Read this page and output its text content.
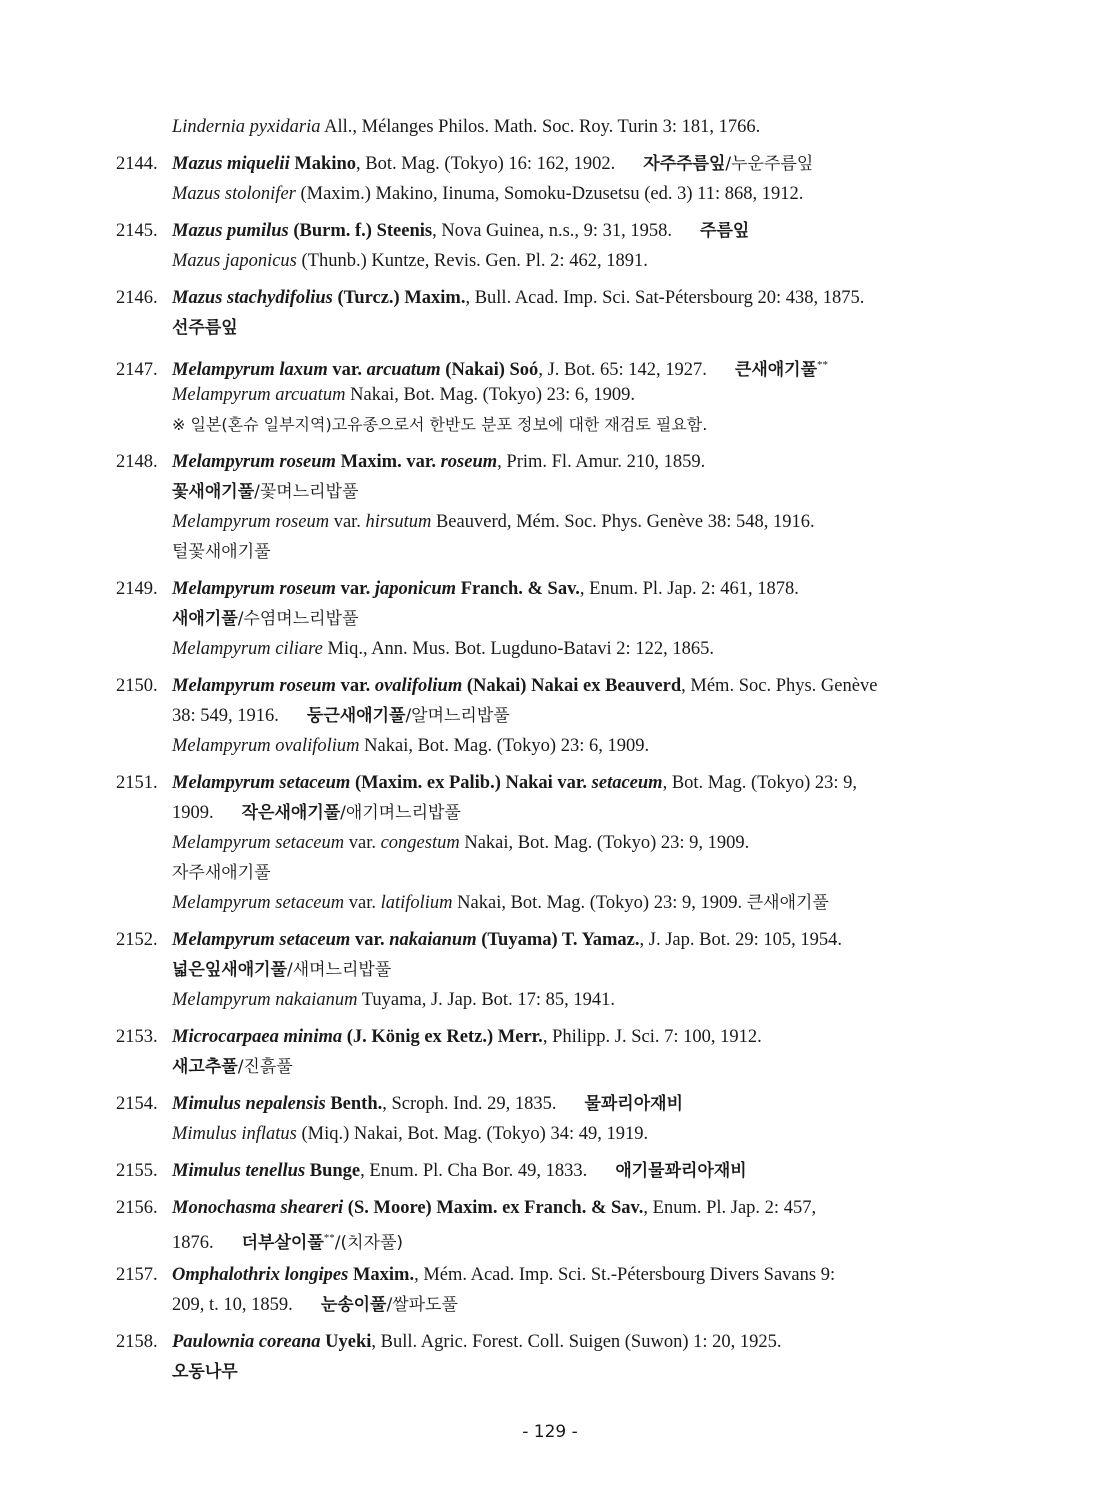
Lindernia pyxidaria All., Mélanges Philos. Math. Soc. Roy. Turin 3: 181, 1766.
2144. Mazus miquelii Makino, Bot. Mag. (Tokyo) 16: 162, 1902. 자주주름잎/누운주름잎
Mazus stolonifer (Maxim.) Makino, Iinuma, Somoku-Dzusetsu (ed. 3) 11: 868, 1912.
2145. Mazus pumilus (Burm. f.) Steenis, Nova Guinea, n.s., 9: 31, 1958. 주름잎
Mazus japonicus (Thunb.) Kuntze, Revis. Gen. Pl. 2: 462, 1891.
2146. Mazus stachydifolius (Turcz.) Maxim., Bull. Acad. Imp. Sci. Sat-Pétersbourg 20: 438, 1875.
선주름잎
2147. Melampyrum laxum var. arcuatum (Nakai) Soó, J. Bot. 65: 142, 1927. 큰새애기풀**
Melampyrum arcuatum Nakai, Bot. Mag. (Tokyo) 23: 6, 1909.
※ 일본(혼슈 일부지역)고유종으로서 한반도 분포 정보에 대한 재검토 필요함.
2148. Melampyrum roseum Maxim. var. roseum, Prim. Fl. Amur. 210, 1859.
꽃새애기풀/꽃며느리밥풀
Melampyrum roseum var. hirsutum Beauverd, Mém. Soc. Phys. Genève 38: 548, 1916.
털꽃새애기풀
2149. Melampyrum roseum var. japonicum Franch. & Sav., Enum. Pl. Jap. 2: 461, 1878.
새애기풀/수염며느리밥풀
Melampyrum ciliare Miq., Ann. Mus. Bot. Lugduno-Batavi 2: 122, 1865.
2150. Melampyrum roseum var. ovalifolium (Nakai) Nakai ex Beauverd, Mém. Soc. Phys. Genève
38: 549, 1916. 둥근새애기풀/알며느리밥풀
Melampyrum ovalifolium Nakai, Bot. Mag. (Tokyo) 23: 6, 1909.
2151. Melampyrum setaceum (Maxim. ex Palib.) Nakai var. setaceum, Bot. Mag. (Tokyo) 23: 9,
1909. 작은새애기풀/애기며느리밥풀
Melampyrum setaceum var. congestum Nakai, Bot. Mag. (Tokyo) 23: 9, 1909.
자주새애기풀
Melampyrum setaceum var. latifolium Nakai, Bot. Mag. (Tokyo) 23: 9, 1909. 큰새애기풀
2152. Melampyrum setaceum var. nakaianum (Tuyama) T. Yamaz., J. Jap. Bot. 29: 105, 1954.
넓은잎새애기풀/새며느리밥풀
Melampyrum nakaianum Tuyama, J. Jap. Bot. 17: 85, 1941.
2153. Microcarpaea minima (J. König ex Retz.) Merr., Philipp. J. Sci. 7: 100, 1912.
새고추풀/진흙풀
2154. Mimulus nepalensis Benth., Scroph. Ind. 29, 1835. 물꽈리아재비
Mimulus inflatus (Miq.) Nakai, Bot. Mag. (Tokyo) 34: 49, 1919.
2155. Mimulus tenellus Bunge, Enum. Pl. Cha Bor. 49, 1833. 애기물꽈리아재비
2156. Monochasma sheareri (S. Moore) Maxim. ex Franch. & Sav., Enum. Pl. Jap. 2: 457,
1876. 더부살이풀**/(치자풀)
2157. Omphalothrix longipes Maxim., Mém. Acad. Imp. Sci. St.-Pétersbourg Divers Savans 9:
209, t. 10, 1859. 눈송이풀/쌀파도풀
2158. Paulownia coreana Uyeki, Bull. Agric. Forest. Coll. Suigen (Suwon) 1: 20, 1925.
오동나무
- 129 -
